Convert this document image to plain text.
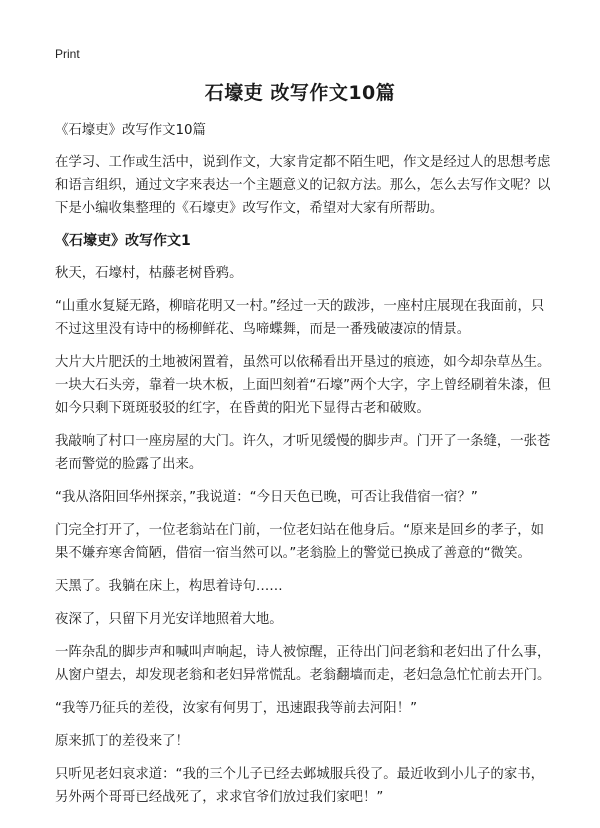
Print
石壕吏 改写作文10篇

《石壕吏》改写作文10篇

在学习、工作或生活中，说到作文，大家肯定都不陌生吧，作文是经过人的思想考虑和语言组织，通过文字来表达一个主题意义的记叙方法。那么，怎么去写作文呢？以下是小编收集整理的《石壕吏》改写作文，希望对大家有所帮助。

《石壕吏》改写作文1

秋天，石壕村，枯藤老树昏鸦。

“山重水复疑无路，柳暗花明又一村。”经过一天的跋涉，一座村庄展现在我面前，只不过这里没有诗中的杨柳鲜花、鸟啼蝶舞，而是一番残破凄凉的情景。

大片大片肥沃的土地被闲置着，虽然可以依稀看出开垦过的痕迹，如今却杂草丛生。一块大石头旁，靠着一块木板，上面凹刻着“石壕”两个大字，字上曾经刷着朱漆，但如今只剩下斑斑驳驳的红字，在昏黄的阳光下显得古老和破败。

我敲响了村口一座房屋的大门。许久，才听见缓慢的脚步声。门开了一条缝，一张苍老而警觉的脸露了出来。

“我从洛阳回华州探亲，”我说道：“今日天色已晚，可否让我借宿一宿？”

门完全打开了，一位老翁站在门前，一位老妇站在他身后。“原来是回乡的孝子，如果不嫌弃寒舍简陋，借宿一宿当然可以。”老翁脸上的警觉已换成了善意的“微笑。

天黑了。我躺在床上，构思着诗句……

夜深了，只留下月光安详地照着大地。

一阵杂乱的脚步声和喊叫声响起，诗人被惊醒，正待出门问老翁和老妇出了什么事，从窗户望去，却发现老翁和老妇异常慌乱。老翁翻墙而走，老妇急急忙忙前去开门。

“我等乃征兵的差役，汝家有何男丁，迅速跟我等前去河阳！”

原来抓丁的差役来了！

只听见老妇哀求道：“我的三个儿子已经去邺城服兵役了。最近收到小儿子的家书，另外两个哥哥已经战死了，求求官爷们放过我们家吧！”
